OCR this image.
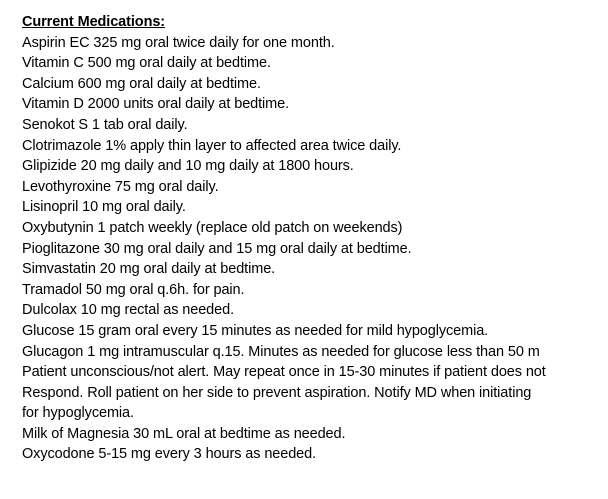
Current Medications:
Aspirin EC 325 mg oral twice daily for one month.
Vitamin C 500 mg oral daily at bedtime.
Calcium 600 mg oral daily at bedtime.
Vitamin D 2000 units oral daily at bedtime.
Senokot S 1 tab oral daily.
Clotrimazole 1% apply thin layer to affected area twice daily.
Glipizide 20 mg daily and 10 mg daily at 1800 hours.
Levothyroxine 75 mg oral daily.
Lisinopril 10 mg oral daily.
Oxybutynin 1 patch weekly (replace old patch on weekends)
Pioglitazone 30 mg oral daily and 15 mg oral daily at bedtime.
Simvastatin 20 mg oral daily at bedtime.
Tramadol 50 mg oral q.6h. for pain.
Dulcolax 10 mg rectal as needed.
Glucose 15 gram oral every 15 minutes as needed for mild hypoglycemia.
Glucagon 1 mg intramuscular q.15. Minutes as needed for glucose less than 50 m
Patient unconscious/not alert. May repeat once in 15-30 minutes if patient does not
Respond. Roll patient on her side to prevent aspiration. Notify MD when initiating
for hypoglycemia.
Milk of Magnesia 30 mL oral at bedtime as needed.
Oxycodone 5-15 mg every 3 hours as needed.
